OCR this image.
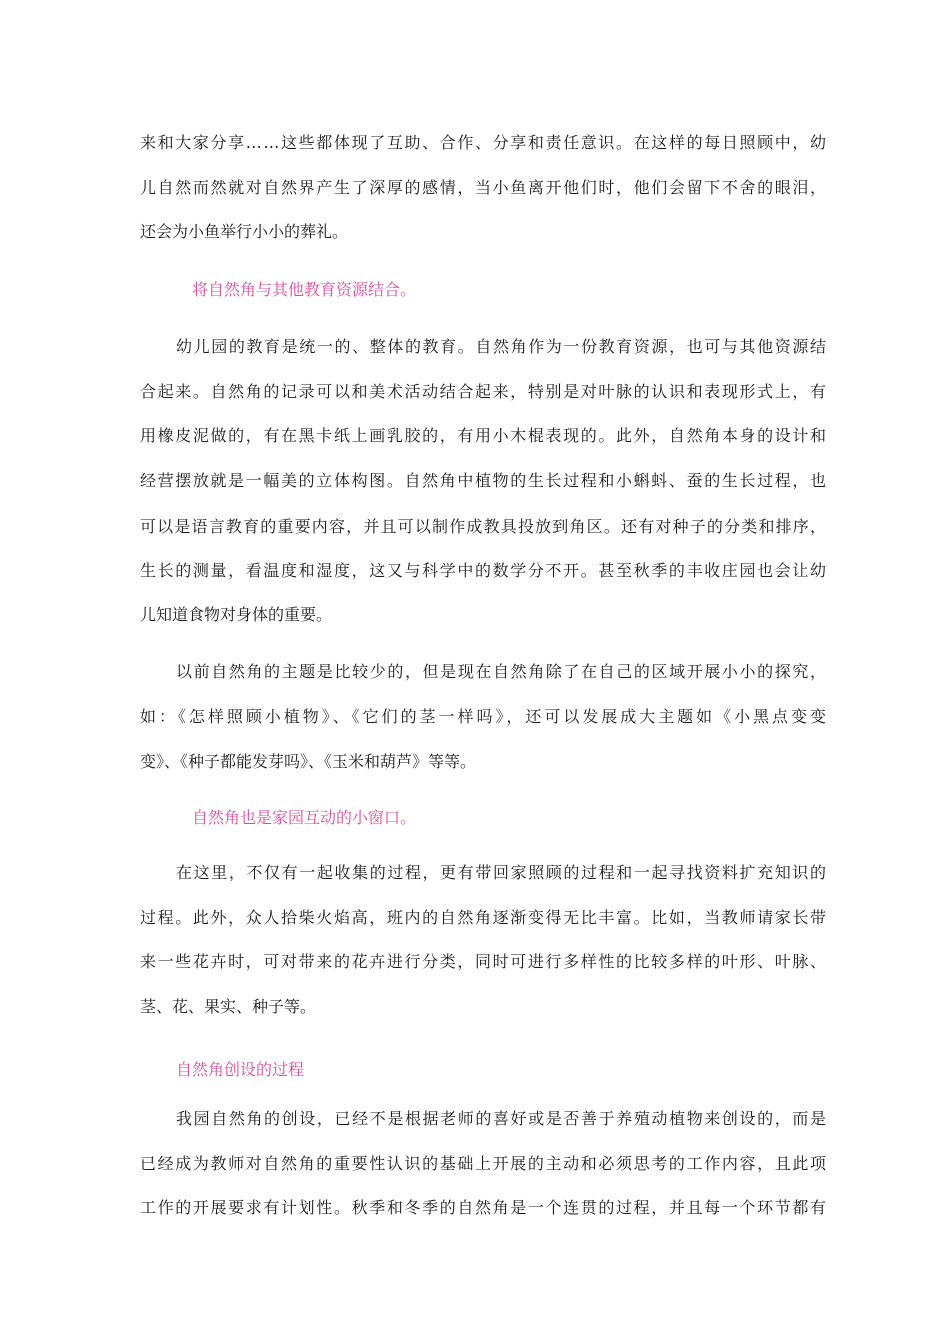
来和大家分享……这些都体现了互助、合作、分享和责任意识。在这样的每日照顾中，幼
儿自然而然就对自然界产生了深厚的感情，当小鱼离开他们时，他们会留下不舍的眼泪，
还会为小鱼举行小小的葬礼。
将自然角与其他教育资源结合。
幼儿园的教育是统一的、整体的教育。自然角作为一份教育资源，也可与其他资源结
合起来。自然角的记录可以和美术活动结合起来，特别是对叶脉的认识和表现形式上，有
用橡皮泥做的，有在黑卡纸上画乳胶的，有用小木棍表现的。此外，自然角本身的设计和
经营摆放就是一幅美的立体构图。自然角中植物的生长过程和小蝌蚪、蚕的生长过程，也
可以是语言教育的重要内容，并且可以制作成教具投放到角区。还有对种子的分类和排序，
生长的测量，看温度和湿度，这又与科学中的数学分不开。甚至秋季的丰收庄园也会让幼
儿知道食物对身体的重要。
以前自然角的主题是比较少的，但是现在自然角除了在自己的区域开展小小的探究，
如：《怎样照顾小植物》、《它们的茎一样吗》，还可以发展成大主题如《小黑点变变
变》、《种子都能发芽吗》、《玉米和葫芦》等等。
自然角也是家园互动的小窗口。
在这里，不仅有一起收集的过程，更有带回家照顾的过程和一起寻找资料扩充知识的
过程。此外，众人拾柴火焰高，班内的自然角逐渐变得无比丰富。比如，当教师请家长带
来一些花卉时，可对带来的花卉进行分类，同时可进行多样性的比较多样的叶形、叶脉、
茎、花、果实、种子等。
自然角创设的过程
我园自然角的创设，已经不是根据老师的喜好或是否善于养殖动植物来创设的，而是
已经成为教师对自然角的重要性认识的基础上开展的主动和必须思考的工作内容，且此项
工作的开展要求有计划性。秋季和冬季的自然角是一个连贯的过程，并且每一个环节都有
